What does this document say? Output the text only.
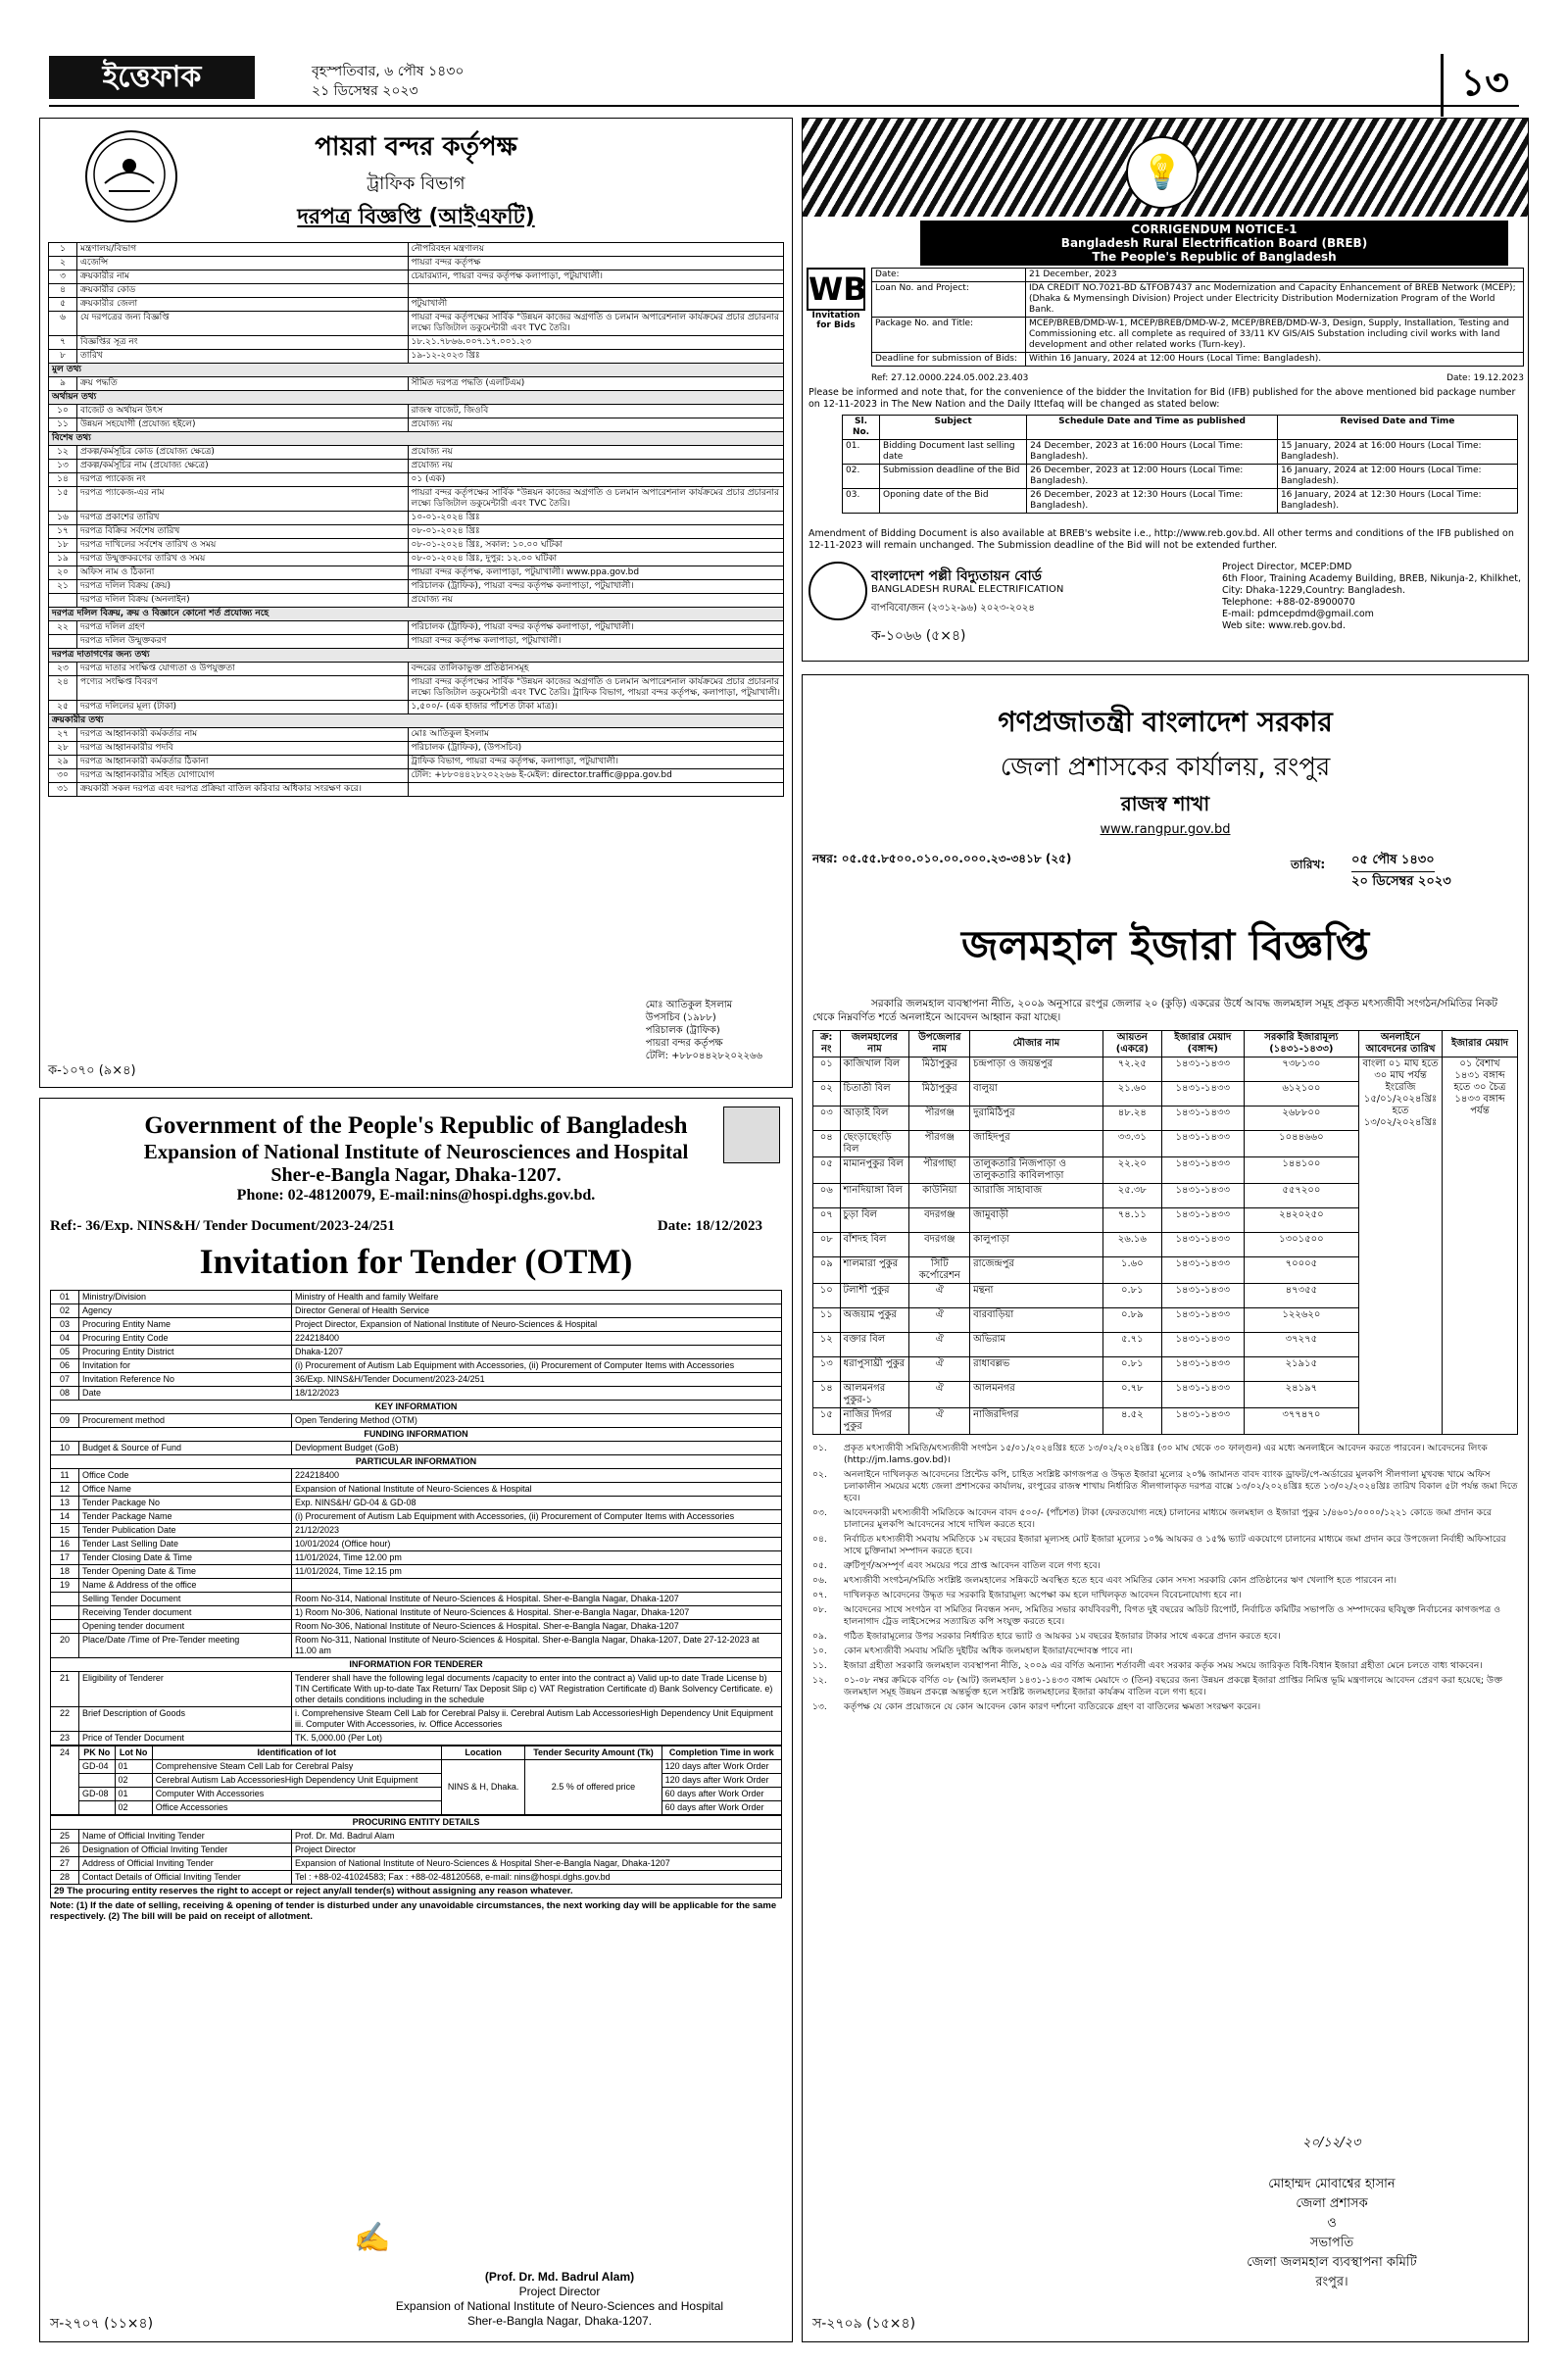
ইত্তেফাক	বৃহস্পতিবার, ৬ পৌষ ১৪৩০
২১ ডিসেম্বর ২০২৩	১৩
পায়রা বন্দর কর্তৃপক্ষ
ট্রাফিক বিভাগ
দরপত্র বিজ্ঞপ্তি (আইএফটি)
১	মন্ত্রণালয়/বিভাগ	নৌপরিবহন মন্ত্রণালয়
২	এজেন্সি	পায়রা বন্দর কর্তৃপক্ষ
৩	ক্রয়কারীর নাম	চেয়ারম্যান, পায়রা বন্দর কর্তৃপক্ষ কলাপাড়া, পটুয়াখালী।
৪	ক্রয়কারীর কোড	
৫	ক্রয়কারীর জেলা	পটুয়াখালী
৬	যে দরপত্রের জন্য বিজ্ঞপ্তি	পায়রা বন্দর কর্তৃপক্ষের সার্বিক "উন্নয়ন কাজের অগ্রগতি ও চলমান অপারেশনাল কার্যক্রমের প্রচার প্রচারনার লক্ষ্যে ডিজিটাল ডকুমেন্টারী এবং TVC তৈরি।
৭	বিজ্ঞপ্তির সূত্র নং	১৮.২১.৭৮৬৬.০০৭.১৭.০০১.২৩
৮	তারিখ	১৯-১২-২০২৩ খ্রিঃ
মুল তথ্য		
৯	ক্রয় পদ্ধতি	সীমিত দরপত্র পদ্ধতি (এলটিএম)
অর্থায়ন তথ্য		
১০	বাজেট ও অর্থায়ন উৎস	রাজস্ব বাজেট, জিওবি
১১	উন্নয়ন সহযোগী (প্রযোজ্য হইলে)	প্রযোজ্য নয়
বিশেষ তথ্য		
১২	প্রকল্প/কর্মসূচির কোড (প্রযোজ্য ক্ষেত্রে)	প্রযোজ্য নয়
১৩	প্রকল্প/কর্মসূচির নাম (প্রযোজ্য ক্ষেত্রে)	প্রযোজ্য নয়
১৪	দরপত্র প্যাকেজ নং	০১ (এক)
১৫	দরপত্র প্যাকেজ-এর নাম	পায়রা বন্দর কর্তৃপক্ষের সার্বিক "উন্নয়ন কাজের অগ্রগতি ও চলমান অপারেশনাল কার্যক্রমের প্রচার প্রচারনার লক্ষ্যে ডিজিটাল ডকুমেন্টারী এবং TVC তৈরি।
১৬	দরপত্র প্রকাশের তারিখ	১০-০১-২০২৪ খ্রিঃ
১৭	দরপত্র বিক্রির সর্বশেষ তারিখ	০৮-০১-২০২৪ খ্রিঃ
১৮	দরপত্র দাখিলের সর্বশেষ তারিখ ও সময়	০৮-০১-২০২৪ খ্রিঃ, সকাল: ১০.০০ ঘটিকা
১৯	দরপত্র উন্মুক্তকরণের তারিখ ও সময়	০৮-০১-২০২৪ খ্রিঃ, দুপুর: ১২.০০ ঘটিকা
২০	অফিস নাম ও ঠিকানা	পায়রা বন্দর কর্তৃপক্ষ, কলাপাড়া, পটুয়াখালী। www.ppa.gov.bd
২১	দরপত্র দলিল বিক্রয় (ক্রয়)	পরিচালক (ট্রাফিক), পায়রা বন্দর কর্তৃপক্ষ কলাপাড়া, পটুয়াখালী।
	দরপত্র দলিল বিক্রয় (অনলাইন)	প্রযোজ্য নয়
দরপত্র দলিল বিক্রয়, ক্রয় ও বিজ্ঞানে কোনো শর্ত প্রযোজ্য নহে		
২২	দরপত্র দলিল গ্রহণ	পরিচালক (ট্রাফিক), পায়রা বন্দর কর্তৃপক্ষ কলাপাড়া, পটুয়াখালী।
	দরপত্র দলিল উন্মুক্তকরণ	পায়রা বন্দর কর্তৃপক্ষ কলাপাড়া, পটুয়াখালী।
দরপত্র দাতাগণের জন্য তথ্য		
২৩	দরপত্র দাতার সংক্ষিপ্ত যোগ্যতা ও উপযুক্ততা	বন্দরের তালিকাভুক্ত প্রতিষ্ঠানসমূহ
২৪	পণ্যের সংক্ষিপ্ত বিবরণ	পায়রা বন্দর কর্তৃপক্ষের সার্বিক "উন্নয়ন কাজের অগ্রগতি ও চলমান অপারেশনাল কার্যক্রমের প্রচার প্রচারনার লক্ষ্যে ডিজিটাল ডকুমেন্টারী এবং TVC তৈরি। ট্রাফিক বিভাগ, পায়রা বন্দর কর্তৃপক্ষ, কলাপাড়া, পটুয়াখালী।
২৫	দরপত্র দলিলের মূল্য (টাকা)	১,৫০০/- (এক হাজার পাঁচশত টাকা মাত্র)।
ক্রয়কারীর তথ্য		
২৭	দরপত্র আহ্বানকারী কর্মকর্তার নাম	মোঃ আতিকুল ইসলাম
২৮	দরপত্র আহ্বানকারীর পদবি	পরিচালক (ট্রাফিক), (উপসচিব)
২৯	দরপত্র আহ্বানকারী কর্মকর্তার ঠিকানা	ট্রাফিক বিভাগ, পায়রা বন্দর কর্তৃপক্ষ, কলাপাড়া, পটুয়াখালী।
৩০	দরপত্র আহ্বানকারীর সহিত যোগাযোগ	টেলি: +৮৮০৪৪২৮২০২২৬৬ ই-মেইল: director.traffic@ppa.gov.bd
৩১	ক্রয়কারী সকল দরপত্র এবং দরপত্র প্রক্রিয়া বাতিল করিবার অধিকার সংরক্ষণ করে।	
মোঃ আতিকুল ইসলাম
উপসচিব (১৯৮৮)
পরিচালক (ট্রাফিক)
পায়রা বন্দর কর্তৃপক্ষ
টেলি: +৮৮০৪৪২৮২০২২৬৬
ক-১০৭০ (৯×৪)
💡
CORRIGENDUM NOTICE-1
Bangladesh Rural Electrification Board (BREB)
The People's Republic of Bangladesh
WB
Invitation for Bids
Date:	21 December, 2023
Loan No. and Project:	IDA CREDIT NO.7021-BD &TFOB7437 anc Modernization and Capacity Enhancement of BREB Network (MCEP); (Dhaka & Mymensingh Division) Project under Electricity Distribution Modernization Program of the World Bank.
Package No. and Title:	MCEP/BREB/DMD-W-1, MCEP/BREB/DMD-W-2, MCEP/BREB/DMD-W-3, Design, Supply, Installation, Testing and Commissioning etc. all complete as required of 33/11 KV GIS/AIS Substation including civil works with land development and other related works (Turn-key).
Deadline for submission of Bids:	Within 16 January, 2024 at 12:00 Hours (Local Time: Bangladesh).
Ref: 27.12.0000.224.05.002.23.403	Date: 19.12.2023
Please be informed and note that, for the convenience of the bidder the Invitation for Bid (IFB) published for the above mentioned bid package number on 12-11-2023 in The New Nation and the Daily Ittefaq will be changed as stated below:
Sl. No.	Subject	Schedule Date and Time as published	Revised Date and Time
01.	Bidding Document last selling date	24 December, 2023 at 16:00 Hours (Local Time: Bangladesh).	15 January, 2024 at 16:00 Hours (Local Time: Bangladesh).
02.	Submission deadline of the Bid	26 December, 2023 at 12:00 Hours (Local Time: Bangladesh).	16 January, 2024 at 12:00 Hours (Local Time: Bangladesh).
03.	Oponing date of the Bid	26 December, 2023 at 12:30 Hours (Local Time: Bangladesh).	16 January, 2024 at 12:30 Hours (Local Time: Bangladesh).
Amendment of Bidding Document is also available at BREB's website i.e., http://www.reb.gov.bd. All other terms and conditions of the IFB published on 12-11-2023 will remain unchanged. The Submission deadline of the Bid will not be extended further.
বাংলাদেশ পল্লী বিদ্যুতায়ন বোর্ড
BANGLADESH RURAL ELECTRIFICATION
বাপবিবো/জন (২৩১২-৯৬) ২০২৩-২০২৪
Project Director, MCEP:DMD
6th Floor, Training Academy Building, BREB, Nikunja-2, Khilkhet, City: Dhaka-1229,Country: Bangladesh.
Telephone: +88-02-8900070
E-mail: pdmcepdmd@gmail.com
Web site: www.reb.gov.bd.
ক-১০৬৬ (৫×৪)
Government of the People's Republic of Bangladesh
Expansion of National Institute of Neurosciences and Hospital
Sher-e-Bangla Nagar, Dhaka-1207.
Phone: 02-48120079, E-mail:nins@hospi.dghs.gov.bd.
Ref:- 36/Exp. NINS&H/ Tender Document/2023-24/251	Date: 18/12/2023
Invitation for Tender (OTM)
01	Ministry/Division	Ministry of Health and family Welfare
02	Agency	Director General of Health Service
03	Procuring Entity Name	Project Director, Expansion of National Institute of Neuro-Sciences & Hospital
04	Procuring Entity Code	224218400
05	Procuring Entity District	Dhaka-1207
06	Invitation for	(i) Procurement of Autism Lab Equipment with Accessories, (ii) Procurement of Computer Items with Accessories
07	Invitation Reference No	36/Exp. NINS&H/Tender Document/2023-24/251
08	Date	18/12/2023
KEY INFORMATION		
09	Procurement method	Open Tendering Method (OTM)
FUNDING INFORMATION		
10	Budget & Source of Fund	Devlopment Budget (GoB)
PARTICULAR INFORMATION		
11	Office Code	224218400
12	Office Name	Expansion of National Institute of Neuro-Sciences & Hospital
13	Tender Package No	Exp. NINS&H/ GD-04 & GD-08
14	Tender Package Name	(i) Procurement of Autism Lab Equipment with Accessories, (ii) Procurement of Computer Items with Accessories
15	Tender Publication Date	21/12/2023
16	Tender Last Selling Date	10/01/2024 (Office hour)
17	Tender Closing Date & Time	11/01/2024, Time 12.00 pm
18	Tender Opening Date & Time	11/01/2024, Time 12.15 pm
19	Name & Address of the office	
	Selling Tender Document	Room No-314, National Institute of Neuro-Sciences & Hospital. Sher-e-Bangla Nagar, Dhaka-1207
	Receiving Tender document	1) Room No-306, National Institute of Neuro-Sciences & Hospital. Sher-e-Bangla Nagar, Dhaka-1207
	Opening tender document	Room No-306, National Institute of Neuro-Sciences & Hospital. Sher-e-Bangla Nagar, Dhaka-1207
20	Place/Date /Time of Pre-Tender meeting	Room No-311, National Institute of Neuro-Sciences & Hospital. Sher-e-Bangla Nagar, Dhaka-1207, Date 27-12-2023 at 11.00 am
INFORMATION FOR TENDERER		
21	Eligibility of Tenderer	Tenderer shall have the following legal documents /capacity to enter into the contract a) Valid up-to date Trade License b) TIN Certificate With up-to-date Tax Return/ Tax Deposit Slip c) VAT Registration Certificate d) Bank Solvency Certificate. e) other details conditions including in the schedule
22	Brief Description of Goods	i. Comprehensive Steam Cell Lab for Cerebral Palsy ii. Cerebral Autism Lab AccessoriesHigh Dependency Unit Equipment iii. Computer With Accessories, iv. Office Accessories
23	Price of Tender Document	TK. 5,000.00 (Per Lot)
24	PK No	Lot No	Identification of lot	Location	Tender Security Amount (Tk)	Completion Time in work
	GD-04	01	Comprehensive Steam Cell Lab for Cerebral Palsy	NINS & H, Dhaka.	2.5 % of offered price	120 days after Work Order
		02	Cerebral Autism Lab AccessoriesHigh Dependency Unit Equipment			120 days after Work Order
	GD-08	01	Computer With Accessories			60 days after Work Order
		02	Office Accessories			60 days after Work Order
PROCURING ENTITY DETAILS		
25	Name of Official Inviting Tender	Prof. Dr. Md. Badrul Alam
26	Designation of Official Inviting Tender	Project Director
27	Address of Official Inviting Tender	Expansion of National Institute of Neuro-Sciences & Hospital Sher-e-Bangla Nagar, Dhaka-1207
28	Contact Details of Official Inviting Tender	Tel : +88-02-41024583; Fax : +88-02-48120568, e-mail: nins@hospi.dghs.gov.bd
29 The procuring entity reserves the right to accept or reject any/all tender(s) without assigning any reason whatever.
Note: (1) If the date of selling, receiving & opening of tender is disturbed under any unavoidable circumstances, the next working day will be applicable for the same respectively. (2) The bill will be paid on receipt of allotment.
✍
(Prof. Dr. Md. Badrul Alam)
Project Director
Expansion of National Institute of Neuro-Sciences and Hospital
Sher-e-Bangla Nagar, Dhaka-1207.
স-২৭০৭ (১১×৪)
গণপ্রজাতন্ত্রী বাংলাদেশ সরকার
জেলা প্রশাসকের কার্যালয়, রংপুর
রাজস্ব শাখা
www.rangpur.gov.bd
নম্বর: ০৫.৫৫.৮৫০০.০১০.০০.০০০.২৩-৩৪১৮ (২৫)	তারিখ: ০৫ পৌষ ১৪৩০
২০ ডিসেম্বর ২০২৩
জলমহাল ইজারা বিজ্ঞপ্তি
সরকারি জলমহাল ব্যবস্থাপনা নীতি, ২০০৯ অনুসারে রংপুর জেলার ২০ (কুড়ি) একরের উর্ধে আবদ্ধ জলমহাল সমূহ প্রকৃত মৎস্যজীবী সংগঠন/সমিতির নিকট থেকে নিম্নবর্ণিত শর্তে অনলাইনে আবেদন আহ্বান করা যাচ্ছে।
ক্র: নং	জলমহালের নাম	উপজেলার নাম	মৌজার নাম	আয়তন (একরে)	ইজারার মেয়াদ (বঙ্গাব্দ)	সরকারি ইজারামূল্য (১৪৩১-১৪৩৩)	অনলাইনে আবেদনের তারিখ	ইজারার মেয়াদ
০১	কাজিখাল বিল	মিঠাপুকুর	চন্দ্রপাড়া ও জয়ন্তপুর	৭২.২৫	১৪৩১-১৪৩৩	৭৩৮১৩০	বাংলা ০১ মাঘ হতে ৩০ মাঘ পর্যন্ত ইংরেজি ১৫/০১/২০২৪খ্রিঃ হতে ১৩/০২/২০২৪খ্রিঃ	০১ বৈশাখ ১৪৩১ বঙ্গাব্দ হতে ৩০ চৈত্র ১৪৩৩ বঙ্গাব্দ পর্যন্ত
০২	চিতাতী বিল	মিঠাপুকুর	বালুয়া	২১.৬০	১৪৩১-১৪৩৩	৬১২১০০		
০৩	আড়াই বিল	পীরগঞ্জ	দুরামিঠিপুর	৪৮.২৪	১৪৩১-১৪৩৩	২৬৮৮০০		
০৪	ছেংড়াছেংড়ি বিল	পীরগঞ্জ	জাহিদপুর	৩৩.৩১	১৪৩১-১৪৩৩	১০৪৪৬৬০		
০৫	মামানপুকুর বিল	পীরগাছা	তালুকতারি নিজপাড়া ও তালুকতারি কাবিলপাড়া	২২.২০	১৪৩১-১৪৩৩	১৪৪১০০		
০৬	শানদিয়াঙ্গা বিল	কাউনিয়া	আরাজি সাহাবাজ	২৫.৩৮	১৪৩১-১৪৩৩	৫৫৭২০০		
০৭	চুড়া বিল	বদরগঞ্জ	জামুবাড়ী	৭৪.১১	১৪৩১-১৪৩৩	২৪২০২৫০		
০৮	বাঁশদহ বিল	বদরগঞ্জ	কালুপাড়া	২৬.১৬	১৪৩১-১৪৩৩	১৩০১৫০০		
০৯	শালমারা পুকুর	সিটি কর্পোরেশন	রাজেন্দ্রপুর	১.৬০	১৪৩১-১৪৩৩	৭০০০৫		
১০	টলাশী পুকুর	ঐ	মন্থনা	০.৮১	১৪৩১-১৪৩৩	৪৭৩৫৫		
১১	অজয়াম পুকুর	ঐ	বারবাড়িয়া	০.৮৯	১৪৩১-১৪৩৩	১২২৬২০		
১২	বক্তার বিল	ঐ	অভিরাম	৫.৭১	১৪৩১-১৪৩৩	৩৭২৭৫		
১৩	ধরাপুসাঘ্রী পুকুর	ঐ	রাধাবল্লভ	০.৮১	১৪৩১-১৪৩৩	২১৯১৫		
১৪	আলমনগর পুকুর-১	ঐ	আলমনগর	০.৭৮	১৪৩১-১৪৩৩	২৪১৯৭		
১৫	নাজির দিগর পুকুর	ঐ	নাজিরদিগর	৪.৫২	১৪৩১-১৪৩৩	৩৭৭৪৭০		
০১.	প্রকৃত মৎস্যজীবী সমিতি/মৎস্যজীবী সংগঠন ১৫/০১/২০২৪খ্রিঃ হতে ১৩/০২/২০২৪খ্রিঃ (৩০ মাঘ থেকে ৩০ ফাল্গুন) এর মধ্যে অনলাইনে আবেদন করতে পারবেন। আবেদনের লিংক (http://jm.lams.gov.bd)।
০২.	অনলাইনে দাখিলকৃত আবেদনের প্রিন্টেড কপি, চাহিত সংশ্লিষ্ট কাগজপত্র ও উদ্ধৃত ইজারা মূল্যের ২০% জামানত বাবদ ব্যাংক ড্রাফট/পে-অর্ডারের মুলকপি সীলগালা মুখবন্ধ খামে অফিস চলাকালীন সময়ের মধ্যে জেলা প্রশাসকের কার্যালয়, রংপুরের রাজস্ব শাখায় নির্ধারিত সীলগালাকৃত দরপত্র বাক্সে ১৩/০২/২০২৪খ্রিঃ হতে ১৩/০২/২০২৪খ্রিঃ তারিখ বিকাল ৫টা পর্যন্ত জমা দিতে হবে।
০৩.	আবেদনকারী মৎস্যজীবী সমিতিকে আবেদন বাবদ ৫০০/- (পাঁচশত) টাকা (ফেরতযোগ্য নহে) চালানের মাধ্যমে জলমহাল ও ইজারা পুকুর ১/৪৬০১/০০০০/১২২১ কোডে জমা প্রদান করে চালানের মুলকপি আবেদনের সাথে দাখিল করতে হবে।
০৪.	নির্বাচিত মৎস্যজীবী সমবায় সমিতিকে ১ম বছরের ইজারা মূল্যসহ মোট ইজারা মূল্যের ১০% আয়কর ও ১৫% ভ্যাট একযোগে চালানের মাধ্যমে জমা প্রদান করে উপজেলা নির্বাহী অফিসারের সাথে চুক্তিনামা সম্পাদন করতে হবে।
০৫.	ত্রুটিপূর্ণ/অসম্পূর্ণ এবং সময়ের পরে প্রাপ্ত আবেদন বাতিল বলে গণ্য হবে।
০৬.	মৎস্যজীবী সংগঠন/সমিতি সংশ্লিষ্ট জলমহালের সন্নিকটে অবস্থিত হতে হবে এবং সমিতির কোন সদস্য সরকারি কোন প্রতিষ্ঠানের ঋণ খেলাপি হতে পারবেন না।
০৭.	দাখিলকৃত আবেদনের উদ্ধৃত দর সরকারি ইজারামূল্য অপেক্ষা কম হলে দাখিলকৃত আবেদন বিবেচনাযোগ্য হবে না।
০৮.	আবেদনের সাথে সংগঠন বা সমিতির নিবন্ধন সনদ, সমিতির সভার কার্যবিবরণী, বিগত দুই বছরের অডিট রিপোর্ট, নির্বাচিত কমিটির সভাপতি ও সম্পাদকের ছবিযুক্ত নির্বাচনের কাগজপত্র ও হালনাগাদ ট্রেড লাইসেন্সের সত্যায়িত কপি সংযুক্ত করতে হবে।
০৯.	গঠিত ইজারামূল্যের উপর সরকার নির্ধারিত হারে ভ্যাট ও আয়কর ১ম বছরের ইজারার টাকার সাথে একত্রে প্রদান করতে হবে।
১০.	কোন মৎস্যজীবী সমবায় সমিতি দুইটির অধিক জলমহাল ইজারা/বন্দোবস্ত পাবে না।
১১.	ইজারা গ্রহীতা সরকারি জলমহাল ব্যবস্থাপনা নীতি, ২০০৯ এর বর্ণিত অন্যান্য শর্তাবলী এবং সরকার কর্তৃক সময় সময়ে জারিকৃত বিধি-বিধান ইজারা গ্রহীতা মেনে চলতে বাধ্য থাকবেন।
১২.	০১-০৮ নম্বর ক্রমিকে বর্ণিত ০৮ (আট) জলমহাল ১৪৩১-১৪৩৩ বঙ্গাব্দ মেয়াদে ৩ (তিন) বছরের জন্য উন্নয়ন প্রকল্পে ইজারা প্রাপ্তির নিমিত্ত ভূমি মন্ত্রণালয়ে আবেদন প্রেরণ করা হয়েছে; উক্ত জলমহাল সমূহ উন্নয়ন প্রকল্পে অন্তর্ভুক্ত হলে সংশ্লিষ্ট জলমহালের ইজারা কার্যক্রম বাতিল বলে গণ্য হবে।
১৩.	কর্তৃপক্ষ যে কোন প্রয়োজনে যে কোন আবেদন কোন কারণ দর্শানো ব্যতিরেকে গ্রহণ বা বাতিলের ক্ষমতা সংরক্ষণ করেন।
২০/১২/২৩
মোহাম্মদ মোবাশ্বের হাসান
জেলা প্রশাসক
ও
সভাপতি
জেলা জলমহাল ব্যবস্থাপনা কমিটি
রংপুর।
স-২৭০৯ (১৫×৪)
